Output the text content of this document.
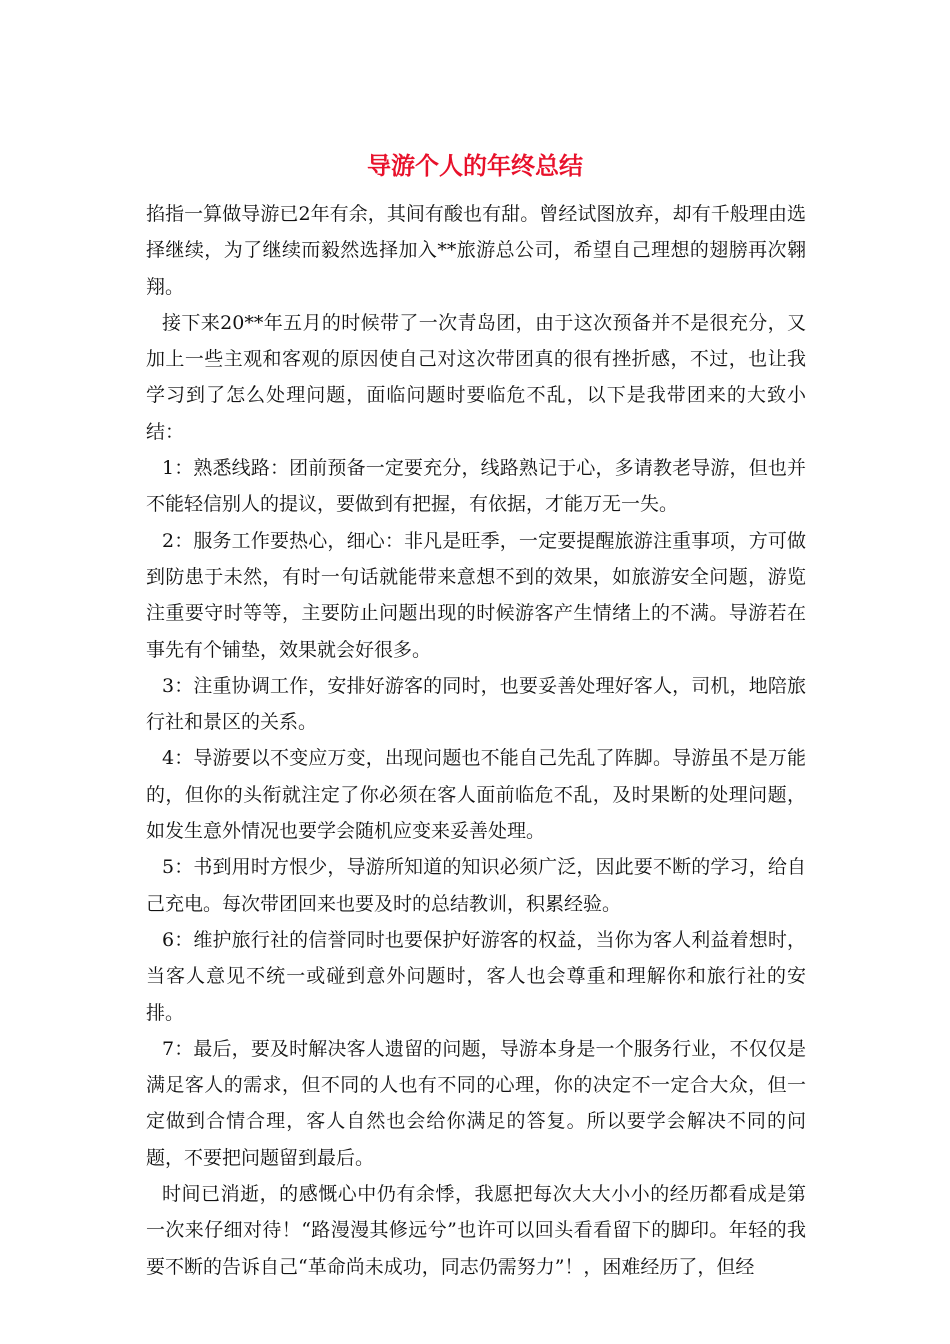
导游个人的年终总结

掐指一算做导游已2年有余，其间有酸也有甜。曾经试图放弃，却有千般理由选择继续，为了继续而毅然选择加入**旅游总公司，希望自己理想的翅膀再次翱翔。

接下来20**年五月的时候带了一次青岛团，由于这次预备并不是很充分，又加上一些主观和客观的原因使自己对这次带团真的很有挫折感，不过，也让我学习到了怎么处理问题，面临问题时要临危不乱，以下是我带团来的大致小结：

1：熟悉线路：团前预备一定要充分，线路熟记于心，多请教老导游，但也并不能轻信别人的提议，要做到有把握，有依据，才能万无一失。

2：服务工作要热心，细心：非凡是旺季，一定要提醒旅游注重事项，方可做到防患于未然，有时一句话就能带来意想不到的效果，如旅游安全问题，游览注重要守时等等，主要防止问题出现的时候游客产生情绪上的不满。导游若在事先有个铺垫，效果就会好很多。

3：注重协调工作，安排好游客的同时，也要妥善处理好客人，司机，地陪旅行社和景区的关系。

4：导游要以不变应万变，出现问题也不能自己先乱了阵脚。导游虽不是万能的，但你的头衔就注定了你必须在客人面前临危不乱，及时果断的处理问题，如发生意外情况也要学会随机应变来妥善处理。

5：书到用时方恨少，导游所知道的知识必须广泛，因此要不断的学习，给自己充电。每次带团回来也要及时的总结教训，积累经验。

6：维护旅行社的信誉同时也要保护好游客的权益，当你为客人利益着想时，当客人意见不统一或碰到意外问题时，客人也会尊重和理解你和旅行社的安排。

7：最后，要及时解决客人遗留的问题，导游本身是一个服务行业，不仅仅是满足客人的需求，但不同的人也有不同的心理，你的决定不一定合大众，但一定做到合情合理，客人自然也会给你满足的答复。所以要学会解决不同的问题，不要把问题留到最后。

时间已消逝，的感慨心中仍有余悸，我愿把每次大大小小的经历都看成是第一次来仔细对待！“路漫漫其修远兮”也许可以回头看看留下的脚印。年轻的我要不断的告诉自己“革命尚未成功，同志仍需努力”！，困难经历了，但经
